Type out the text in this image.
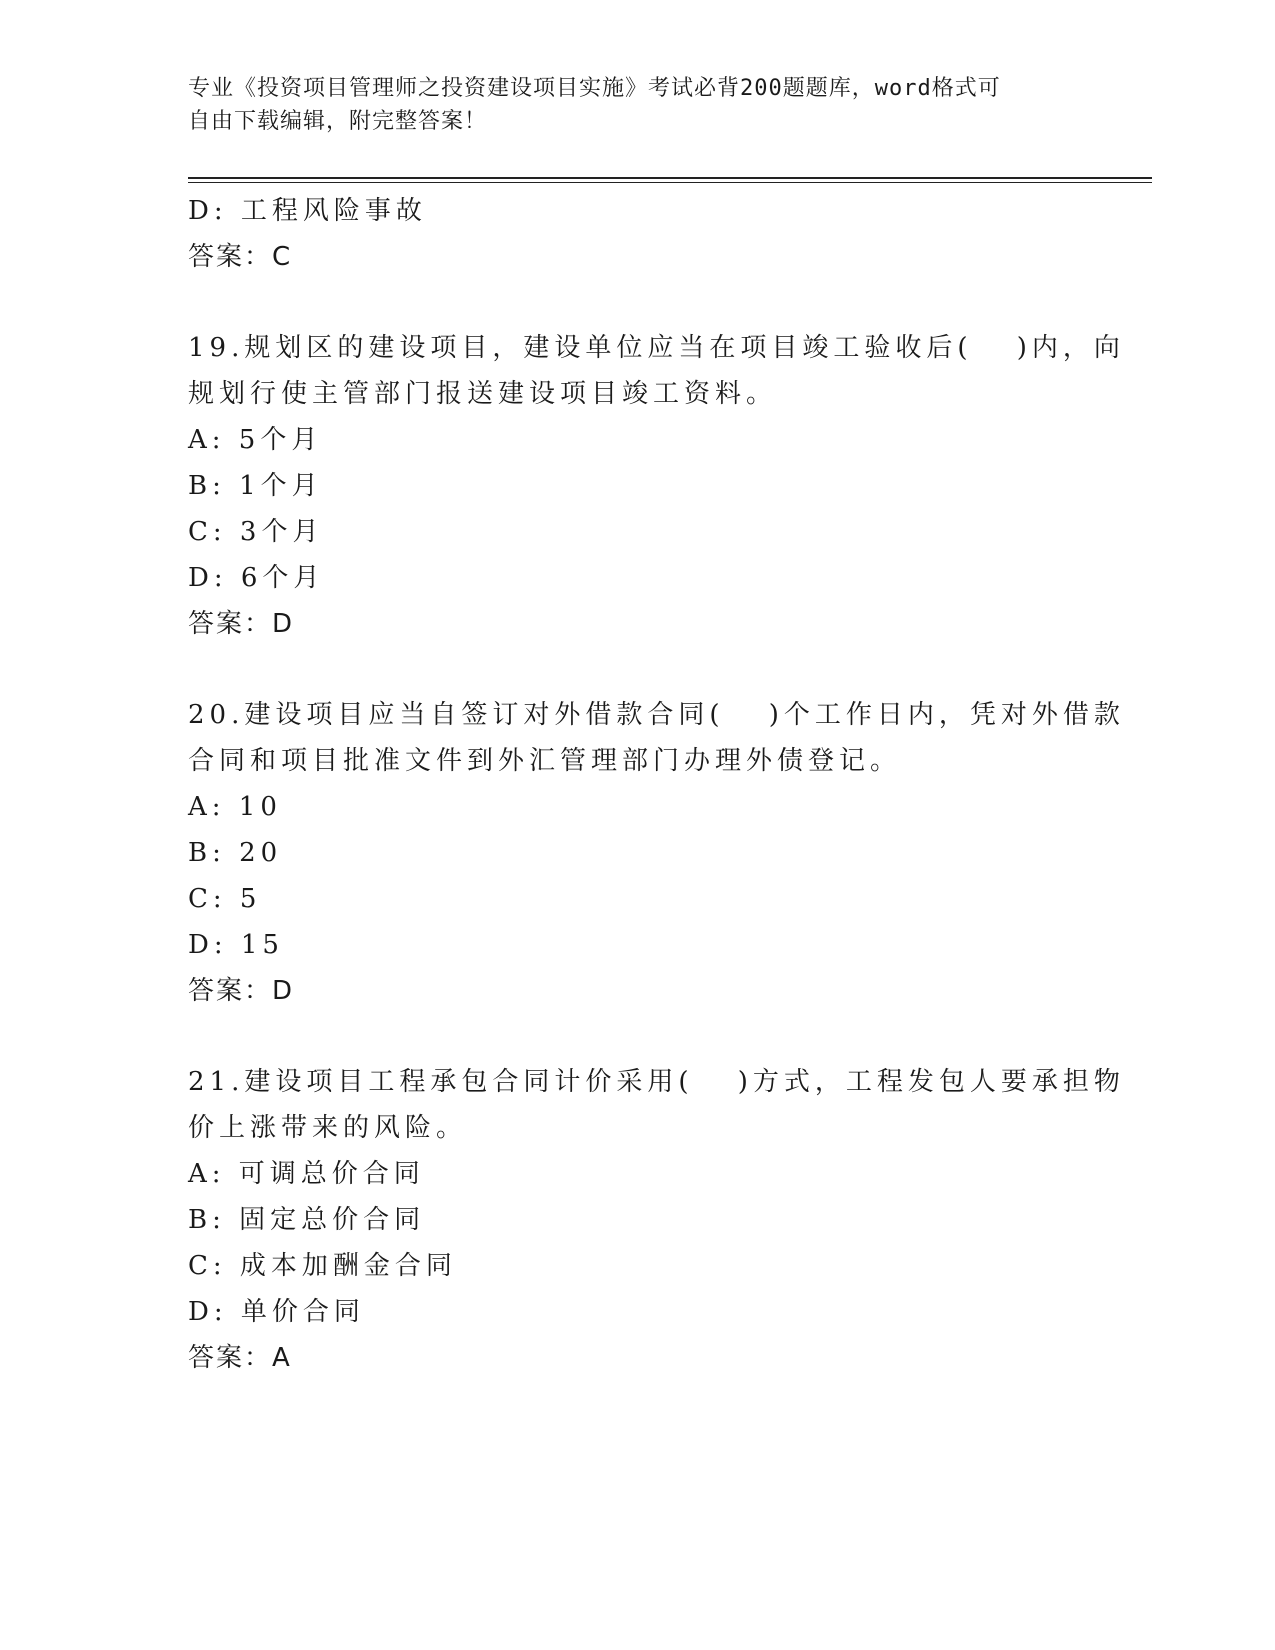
专业《投资项目管理师之投资建设项目实施》考试必背200题题库，word格式可
自由下载编辑，附完整答案！
D: 工程风险事故
答案：C
19.规划区的建设项目，建设单位应当在项目竣工验收后(　 )内，向
规划行使主管部门报送建设项目竣工资料。
A: 5个月
B: 1个月
C: 3个月
D: 6个月
答案：D
20.建设项目应当自签订对外借款合同(　 )个工作日内，凭对外借款
合同和项目批准文件到外汇管理部门办理外债登记。
A: 10
B: 20
C: 5
D: 15
答案：D
21.建设项目工程承包合同计价采用(　 )方式，工程发包人要承担物
价上涨带来的风险。
A: 可调总价合同
B: 固定总价合同
C: 成本加酬金合同
D: 单价合同
答案：A
